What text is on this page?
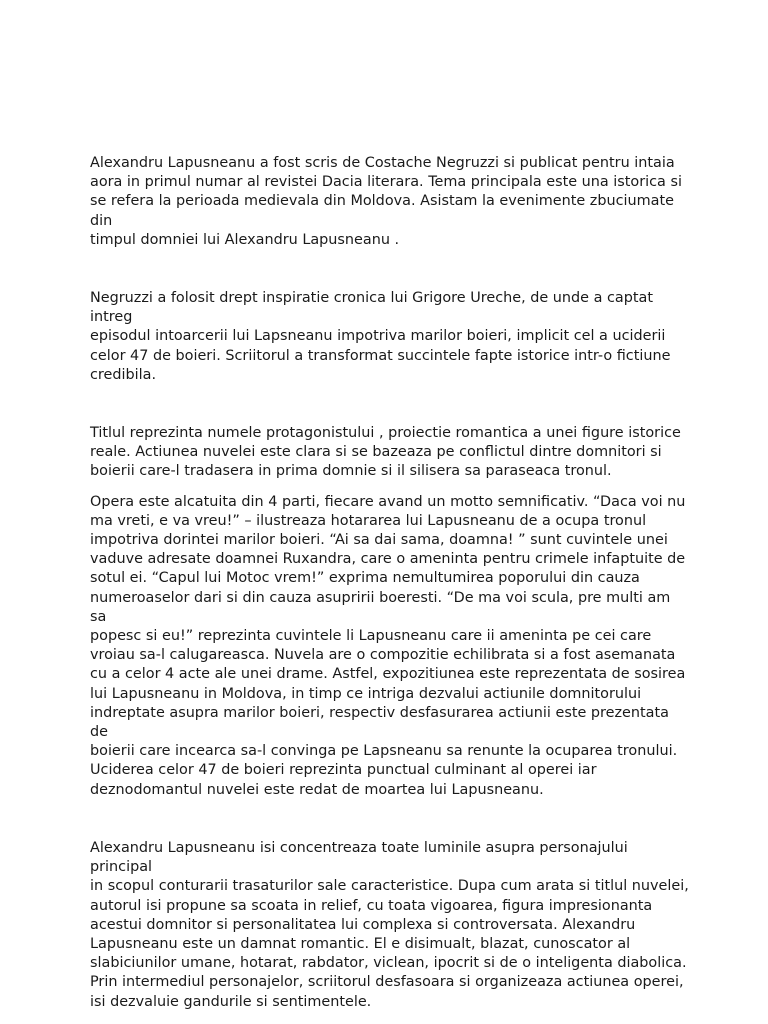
Alexandru Lapusneanu a fost scris de Costache Negruzzi si publicat pentru intaia
aora in primul numar al revistei Dacia literara. Tema principala este una istorica si
se refera la perioada medievala din Moldova. Asistam la evenimente zbuciumate din
timpul domniei lui Alexandru Lapusneanu .

Negruzzi a folosit drept inspiratie cronica lui Grigore Ureche, de unde a captat intreg
episodul intoarcerii lui Lapsneanu impotriva marilor boieri, implicit cel a uciderii
celor 47 de boieri. Scriitorul a transformat succintele fapte istorice intr-o fictiune
credibila.

Titlul reprezinta numele protagonistului , proiectie romantica a unei figure istorice
reale. Actiunea nuvelei este clara si se bazeaza pe conflictul dintre domnitori si
boierii care-l tradasera in prima domnie si il silisera sa paraseaca tronul.

Opera este alcatuita din 4 parti, fiecare avand un motto semnificativ. “Daca voi nu
ma vreti, e va vreu!” – ilustreaza hotararea lui Lapusneanu de a ocupa tronul
impotriva dorintei marilor boieri. “Ai sa dai sama, doamna! ” sunt cuvintele unei
vaduve adresate doamnei Ruxandra, care o ameninta pentru crimele infaptuite de
sotul ei. “Capul lui Motoc vrem!” exprima nemultumirea poporului din cauza
numeroaselor dari si din cauza asupririi boeresti. “De ma voi scula, pre multi am sa
popesc si eu!” reprezinta cuvintele li Lapusneanu care ii ameninta pe cei care
vroiau sa-l calugareasca. Nuvela are o compozitie echilibrata si a fost asemanata
cu a celor 4 acte ale unei drame. Astfel, expozitiunea este reprezentata de sosirea
lui Lapusneanu in Moldova, in timp ce intriga dezvalui actiunile domnitorului
indreptate asupra marilor boieri, respectiv desfasurarea actiunii este prezentata de
boierii care incearca sa-l convinga pe Lapsneanu sa renunte la ocuparea tronului.
Uciderea celor 47 de boieri reprezinta punctual culminant al operei iar
deznodomantul nuvelei este redat de moartea lui Lapusneanu.

Alexandru Lapusneanu isi concentreaza toate luminile asupra personajului principal
in scopul conturarii trasaturilor sale caracteristice. Dupa cum arata si titlul nuvelei,
autorul isi propune sa scoata in relief, cu toata vigoarea, figura impresionanta
acestui domnitor si personalitatea lui complexa si controversata. Alexandru
Lapusneanu este un damnat romantic. El e disimualt, blazat, cunoscator al
slabiciunilor umane, hotarat, rabdator, viclean, ipocrit si de o inteligenta diabolica.
Prin intermediul personajelor, scriitorul desfasoara si organizeaza actiunea operei,
isi dezvaluie gandurile si sentimentele.
